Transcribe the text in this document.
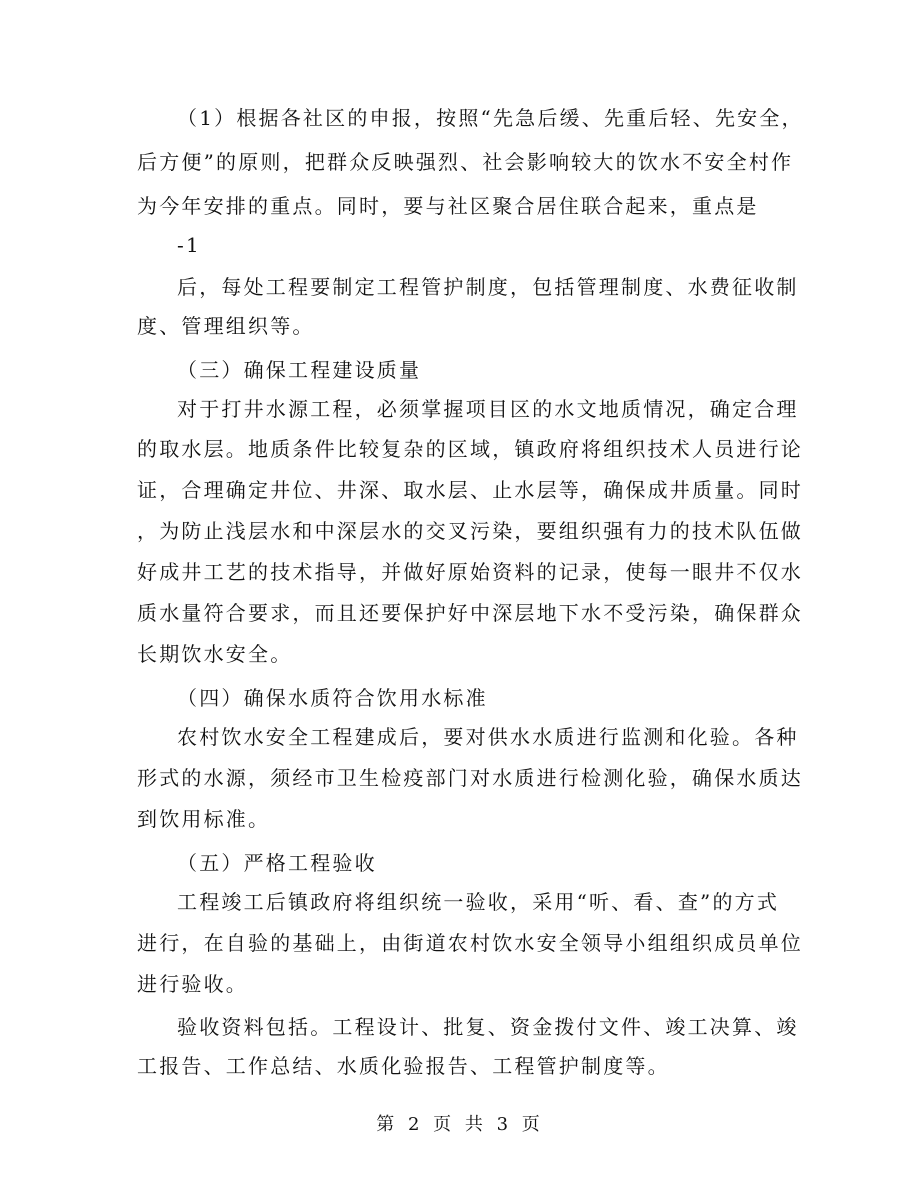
（1）根据各社区的申报，按照“先急后缓、先重后轻、先安全，
后方便”的原则，把群众反映强烈、社会影响较大的饮水不安全村作
为今年安排的重点。同时，要与社区聚合居住联合起来，重点是
-1
后，每处工程要制定工程管护制度，包括管理制度、水费征收制
度、管理组织等。
（三）确保工程建设质量
对于打井水源工程，必须掌握项目区的水文地质情况，确定合理
的取水层。地质条件比较复杂的区域，镇政府将组织技术人员进行论
证，合理确定井位、井深、取水层、止水层等，确保成井质量。同时
，为防止浅层水和中深层水的交叉污染，要组织强有力的技术队伍做
好成井工艺的技术指导，并做好原始资料的记录，使每一眼井不仅水
质水量符合要求，而且还要保护好中深层地下水不受污染，确保群众
长期饮水安全。
（四）确保水质符合饮用水标准
农村饮水安全工程建成后，要对供水水质进行监测和化验。各种
形式的水源，须经市卫生检疫部门对水质进行检测化验，确保水质达
到饮用标准。
（五）严格工程验收
工程竣工后镇政府将组织统一验收，采用“听、看、查”的方式
进行，在自验的基础上，由街道农村饮水安全领导小组组织成员单位
进行验收。
验收资料包括。工程设计、批复、资金拨付文件、竣工决算、竣
工报告、工作总结、水质化验报告、工程管护制度等。
第 2 页 共 3 页
